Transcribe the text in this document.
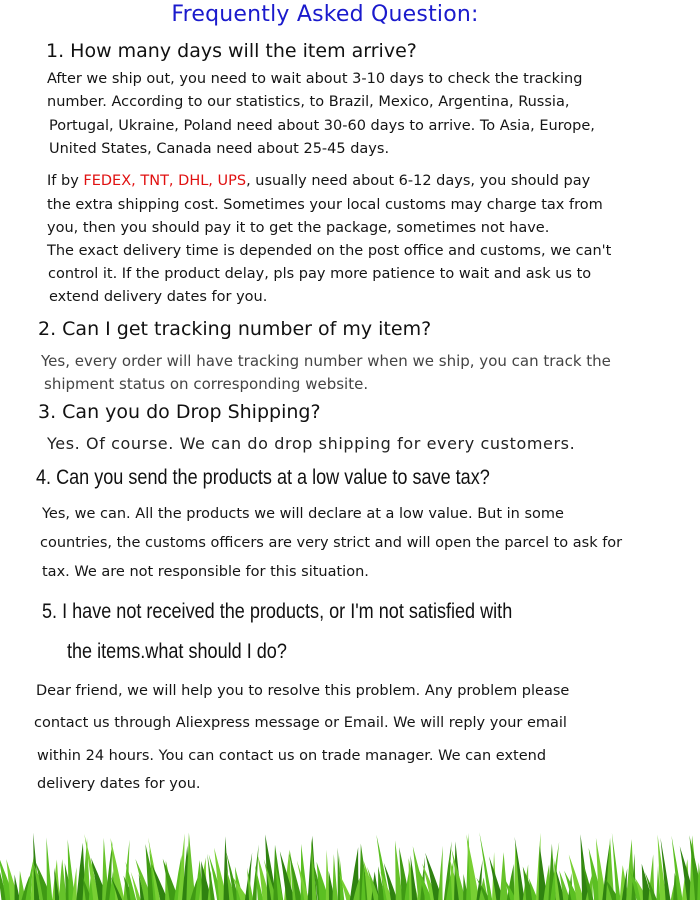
Frequently Asked Question:
1. How many days will the item arrive?
After we ship out, you need to wait about 3-10 days to check the tracking
number. According to our statistics, to Brazil, Mexico, Argentina, Russia,
Portugal, Ukraine, Poland need about 30-60 days to arrive. To Asia, Europe,
United States, Canada need about 25-45 days.
If by FEDEX, TNT, DHL, UPS, usually need about 6-12 days, you should pay
the extra shipping cost. Sometimes your local customs may charge tax from
you, then you should pay it to get the package, sometimes not have.
The exact delivery time is depended on the post office and customs, we can't
control it. If the product delay, pls pay more patience to wait and ask us to
extend delivery dates for you.
2. Can I get tracking number of my item?
Yes, every order will have tracking number when we ship, you can track the
shipment status on corresponding website.
3. Can you do Drop Shipping?
Yes. Of course. We can do drop shipping for every customers.
4. Can you send the products at a low value to save tax?
Yes, we can. All the products we will declare at a low value. But in some
countries, the customs officers are very strict and will open the parcel to ask for
tax. We are not responsible for this situation.
5. I have not received the products, or I'm not satisfied with
the items.what should I do?
Dear friend, we will help you to resolve this problem. Any problem please
contact us through Aliexpress message or Email. We will reply your email
within 24 hours. You can contact us on trade manager. We can extend
delivery dates for you.
